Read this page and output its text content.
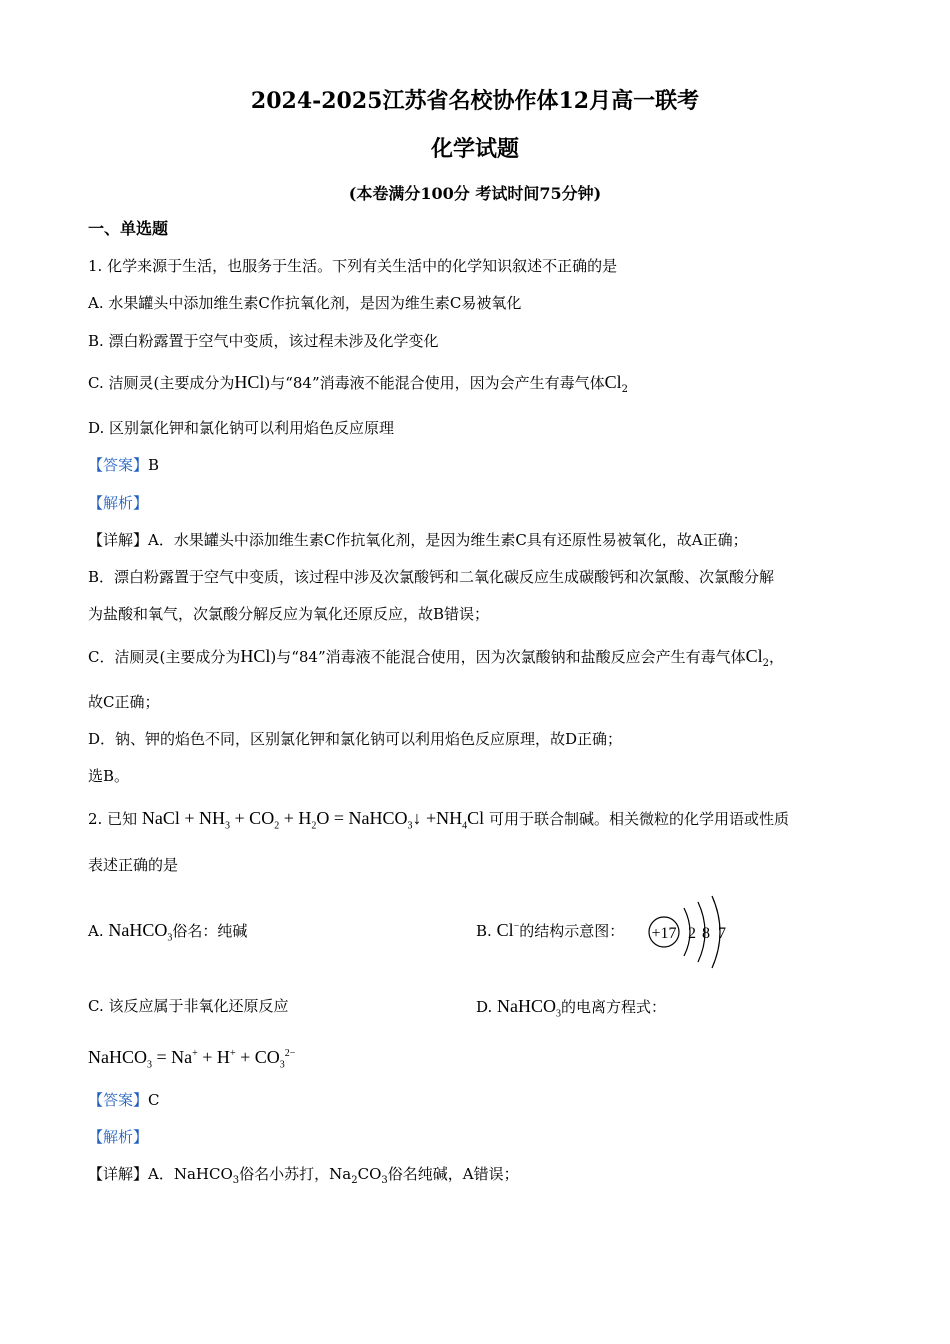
2024-2025江苏省名校协作体12月高一联考
化学试题
(本卷满分100分 考试时间75分钟)
一、单选题
1. 化学来源于生活，也服务于生活。下列有关生活中的化学知识叙述不正确的是
A. 水果罐头中添加维生素C作抗氧化剂，是因为维生素C易被氧化
B. 漂白粉露置于空气中变质，该过程未涉及化学变化
C. 洁厕灵(主要成分为HCl)与“84”消毒液不能混合使用，因为会产生有毒气体$Cl_2$
D. 区别氯化钾和氯化钠可以利用焰色反应原理
【答案】B
【解析】
【详解】A．水果罐头中添加维生素C作抗氧化剂，是因为维生素C具有还原性易被氧化，故A正确；
B．漂白粉露置于空气中变质，该过程中涉及次氯酸钙和二氧化碳反应生成碳酸钙和次氯酸、次氯酸分解
为盐酸和氧气，次氯酸分解反应为氧化还原反应，故B错误；
C．洁厕灵(主要成分为HCl)与“84”消毒液不能混合使用，因为次氯酸钠和盐酸反应会产生有毒气体$Cl_2$，
故C正确；
D．钠、钾的焰色不同，区别氯化钾和氯化钠可以利用焰色反应原理，故D正确；
选B。
2. 已知 NaCl + $NH_3 + CO_2 + H_2O$ = NaHCO$_3$↓ $+NH_4Cl$ 可用于联合制碱。相关微粒的化学用语或性质
表述正确的是
A. NaHCO$_3$俗名：纯碱	B. Cl−的结构示意图： +17 2 8 7
C. 该反应属于非氧化还原反应	D. NaHCO$_3$的电离方程式：
NaHCO$_3$ = $Na^+ + H^+ + CO_3^{2-}$
【答案】C
【解析】
【详解】A．NaHCO$_3$俗名小苏打，$Na_2CO_3$俗名纯碱，A错误；
